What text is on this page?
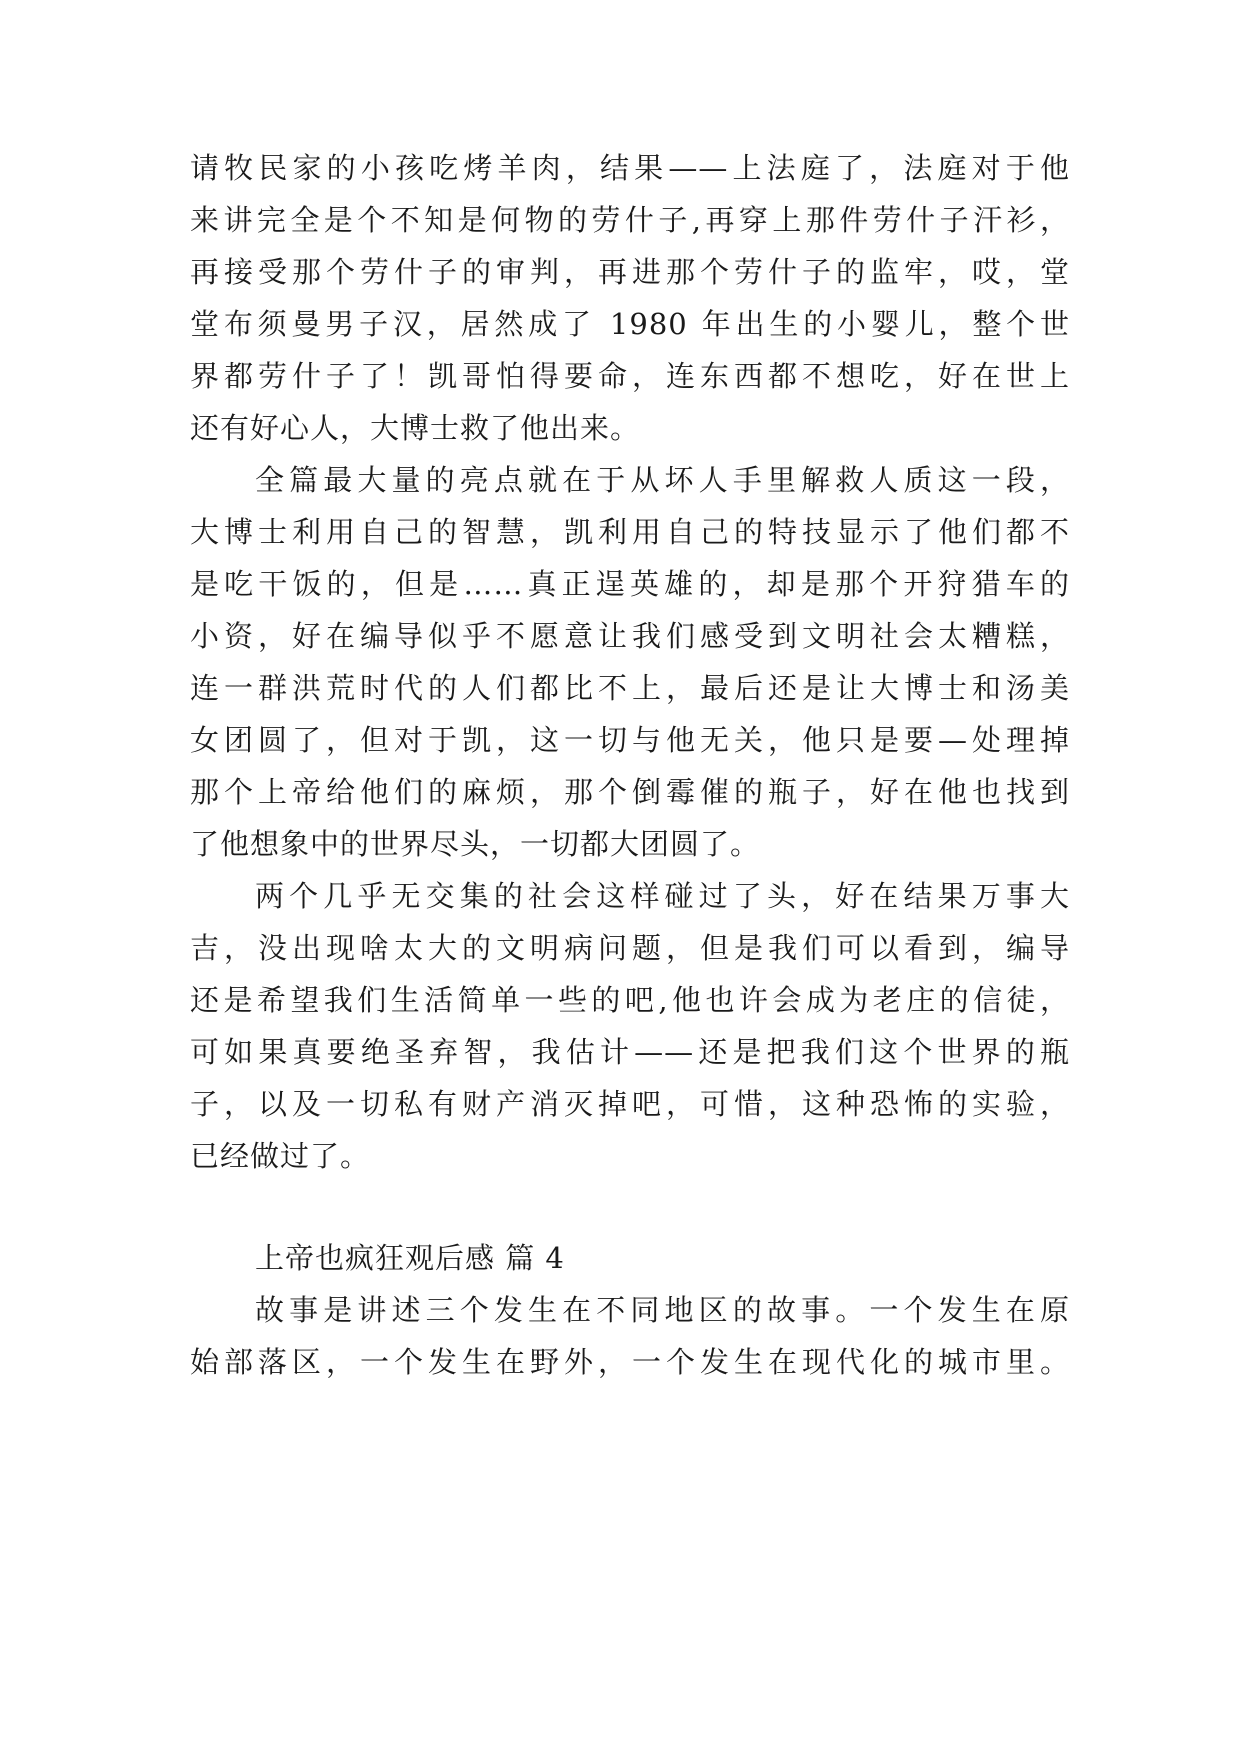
请牧民家的小孩吃烤羊肉，结果——上法庭了，法庭对于他
来讲完全是个不知是何物的劳什子,再穿上那件劳什子汗衫，
再接受那个劳什子的审判，再进那个劳什子的监牢，哎，堂
堂布须曼男子汉，居然成了 1980 年出生的小婴儿，整个世
界都劳什子了！凯哥怕得要命，连东西都不想吃，好在世上
还有好心人，大博士救了他出来。
全篇最大量的亮点就在于从坏人手里解救人质这一段，
大博士利用自己的智慧，凯利用自己的特技显示了他们都不
是吃干饭的，但是……真正逞英雄的，却是那个开狩猎车的
小资，好在编导似乎不愿意让我们感受到文明社会太糟糕，
连一群洪荒时代的人们都比不上，最后还是让大博士和汤美
女团圆了，但对于凯，这一切与他无关，他只是要—处理掉
那个上帝给他们的麻烦，那个倒霉催的瓶子，好在他也找到
了他想象中的世界尽头，一切都大团圆了。
两个几乎无交集的社会这样碰过了头，好在结果万事大
吉，没出现啥太大的文明病问题，但是我们可以看到，编导
还是希望我们生活简单一些的吧,他也许会成为老庄的信徒，
可如果真要绝圣弃智，我估计——还是把我们这个世界的瓶
子，以及一切私有财产消灭掉吧，可惜，这种恐怖的实验，
已经做过了。
上帝也疯狂观后感 篇 4
故事是讲述三个发生在不同地区的故事。一个发生在原
始部落区，一个发生在野外，一个发生在现代化的城市里。
